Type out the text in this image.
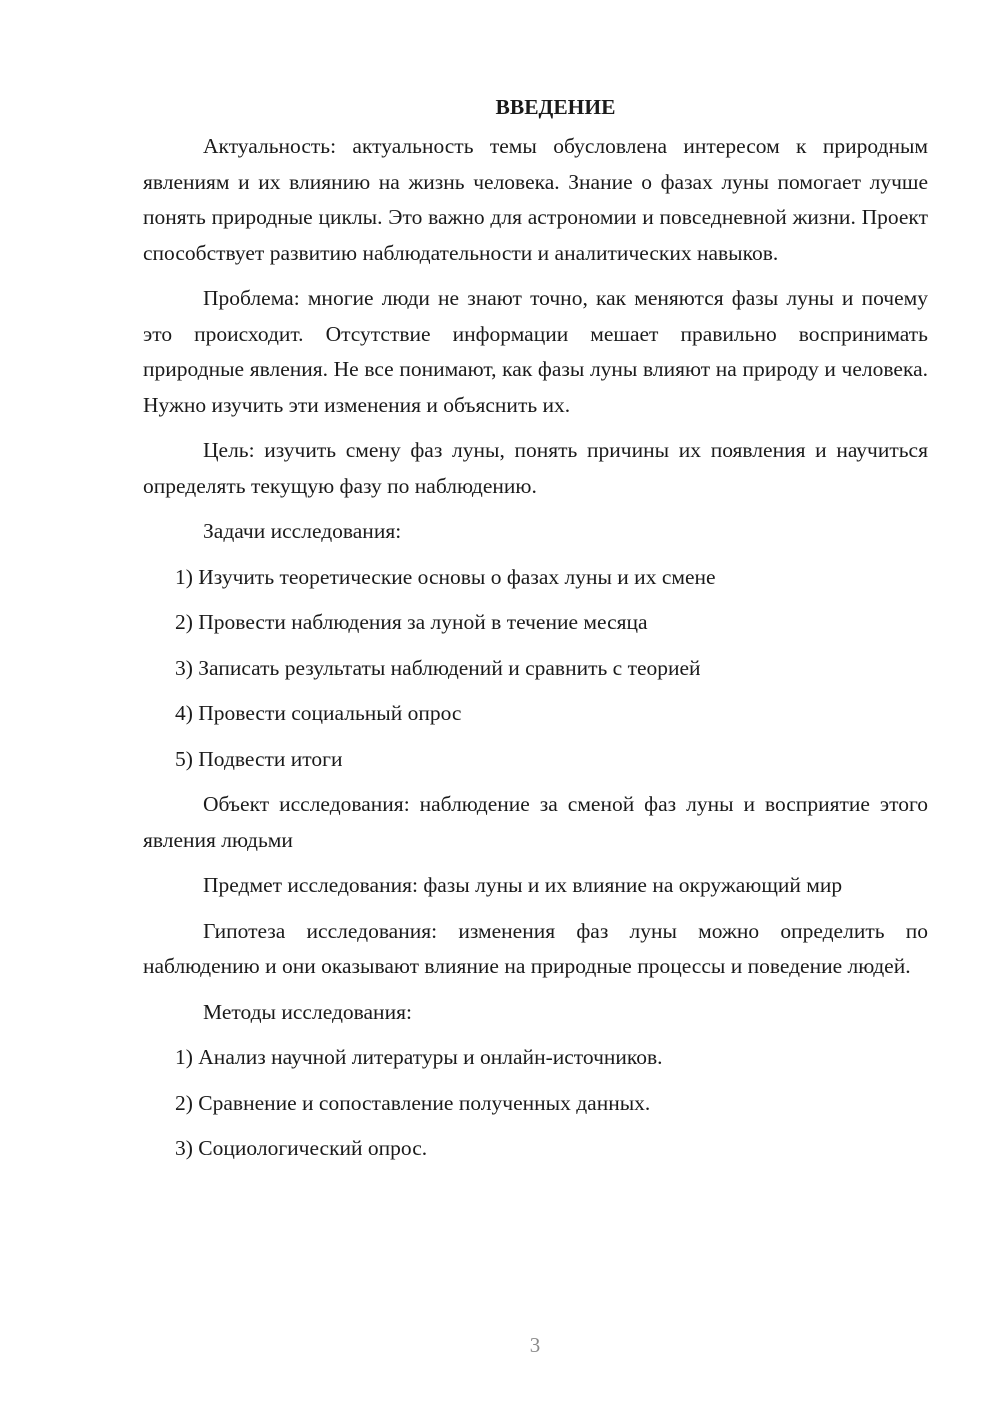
ВВЕДЕНИЕ

Актуальность: актуальность темы обусловлена интересом к природным явлениям и их влиянию на жизнь человека. Знание о фазах луны помогает лучше понять природные циклы. Это важно для астрономии и повседневной жизни. Проект способствует развитию наблюдательности и аналитических навыков.

Проблема: многие люди не знают точно, как меняются фазы луны и почему это происходит. Отсутствие информации мешает правильно воспринимать природные явления. Не все понимают, как фазы луны влияют на природу и человека. Нужно изучить эти изменения и объяснить их.

Цель: изучить смену фаз луны, понять причины их появления и научиться определять текущую фазу по наблюдению.

Задачи исследования:

1) Изучить теоретические основы о фазах луны и их смене
2) Провести наблюдения за луной в течение месяца
3) Записать результаты наблюдений и сравнить с теорией
4) Провести социальный опрос
5) Подвести итоги

Объект исследования: наблюдение за сменой фаз луны и восприятие этого явления людьми

Предмет исследования: фазы луны и их влияние на окружающий мир

Гипотеза исследования: изменения фаз луны можно определить по наблюдению и они оказывают влияние на природные процессы и поведение людей.

Методы исследования:

1) Анализ научной литературы и онлайн-источников.
2) Сравнение и сопоставление полученных данных.
3) Социологический опрос.
3
